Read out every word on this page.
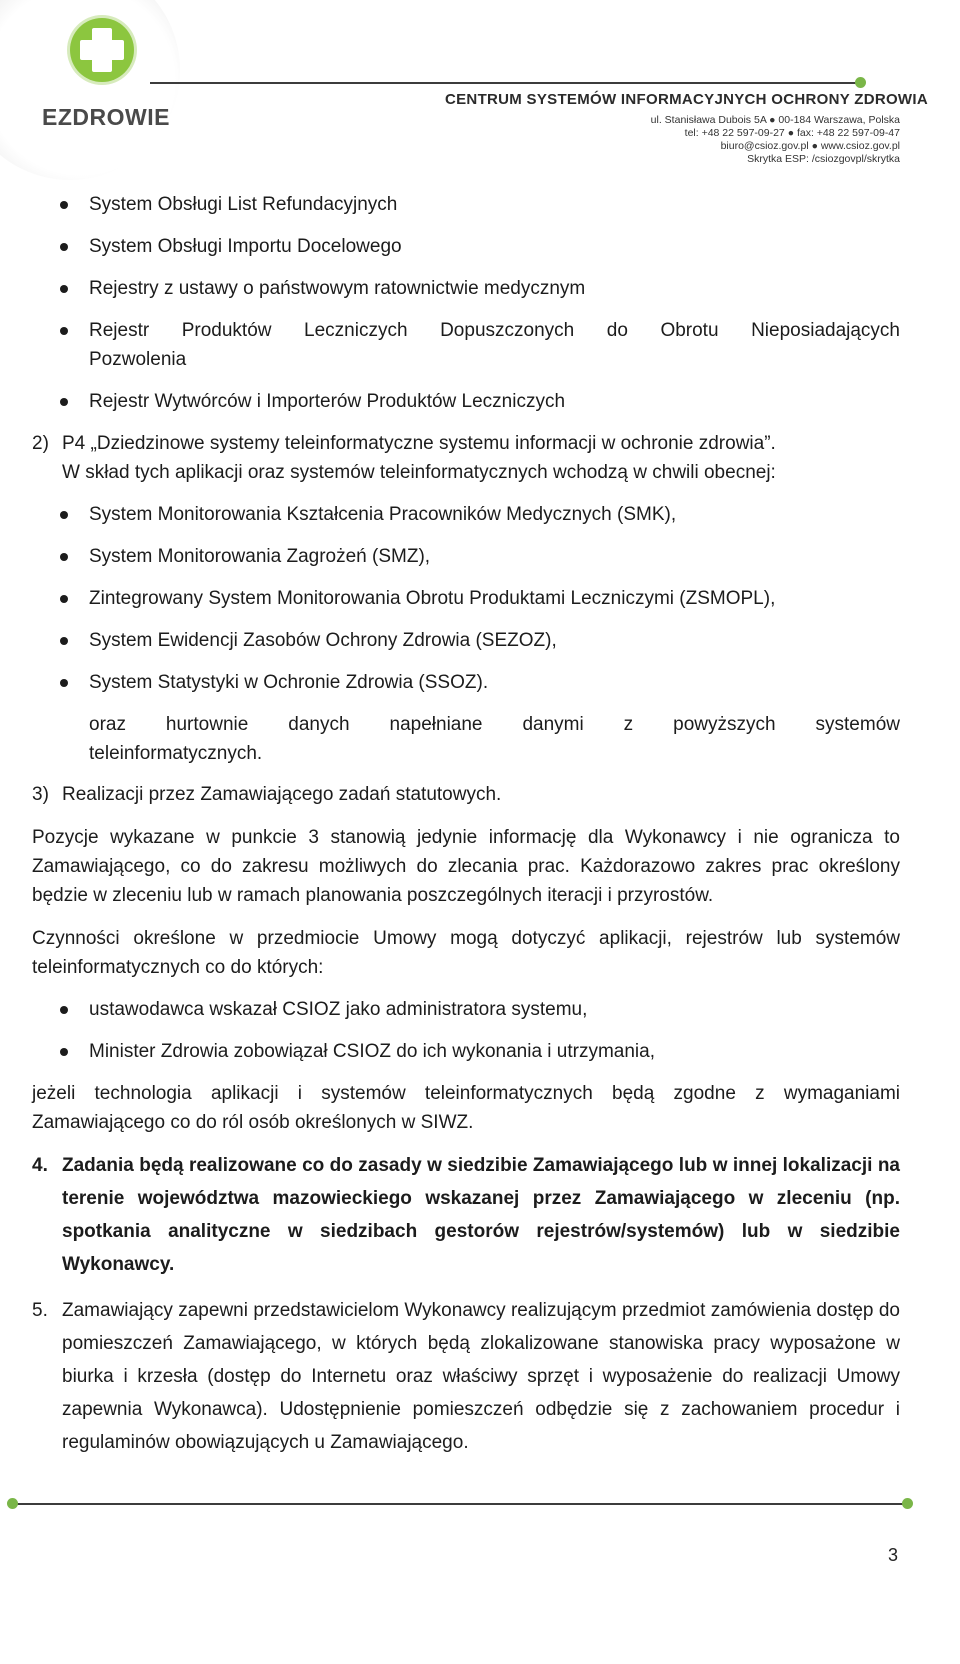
EZDROWIE
CENTRUM SYSTEMÓW INFORMACYJNYCH OCHRONY ZDROWIA
ul. Stanisława Dubois 5A ● 00-184 Warszawa, Polska
tel: +48 22 597-09-27 ● fax: +48 22 597-09-47
biuro@csioz.gov.pl ● www.csioz.gov.pl
Skrytka ESP: /csiozgovpl/skrytka
System Obsługi List Refundacyjnych
System Obsługi Importu Docelowego
Rejestry z ustawy o państwowym ratownictwie medycznym
Rejestr Produktów Leczniczych Dopuszczonych do Obrotu Nieposiadających
Pozwolenia
Rejestr Wytwórców i Importerów Produktów Leczniczych
2) P4 „Dziedzinowe systemy teleinformatyczne systemu informacji w ochronie zdrowia”.
W skład tych aplikacji oraz systemów teleinformatycznych wchodzą w chwili obecnej:
System Monitorowania Kształcenia Pracowników Medycznych (SMK),
System Monitorowania Zagrożeń (SMZ),
Zintegrowany System Monitorowania Obrotu Produktami Leczniczymi (ZSMOPL),
System Ewidencji Zasobów Ochrony Zdrowia (SEZOZ),
System Statystyki w Ochronie Zdrowia (SSOZ).
oraz hurtownie danych napełniane danymi z powyższych systemów
teleinformatycznych.
3) Realizacji przez Zamawiającego zadań statutowych.

Pozycje wykazane w punkcie 3 stanowią jedynie informację dla Wykonawcy i nie ogranicza to Zamawiającego, co do zakresu możliwych do zlecania prac. Każdorazowo zakres prac określony będzie w zleceniu lub w ramach planowania poszczególnych iteracji i przyrostów.

Czynności określone w przedmiocie Umowy mogą dotyczyć aplikacji, rejestrów lub systemów teleinformatycznych co do których:

ustawodawca wskazał CSIOZ jako administratora systemu,
Minister Zdrowia zobowiązał CSIOZ do ich wykonania i utrzymania,

jeżeli technologia aplikacji i systemów teleinformatycznych będą zgodne z wymaganiami Zamawiającego co do ról osób określonych w SIWZ.

4. Zadania będą realizowane co do zasady w siedzibie Zamawiającego lub w innej lokalizacji na terenie województwa mazowieckiego wskazanej przez Zamawiającego w zleceniu (np. spotkania analityczne w siedzibach gestorów rejestrów/systemów) lub w siedzibie Wykonawcy.
5. Zamawiający zapewni przedstawicielom Wykonawcy realizującym przedmiot zamówienia dostęp do pomieszczeń Zamawiającego, w których będą zlokalizowane stanowiska pracy wyposażone w biurka i krzesła (dostęp do Internetu oraz właściwy sprzęt i wyposażenie do realizacji Umowy zapewnia Wykonawca). Udostępnienie pomieszczeń odbędzie się z zachowaniem procedur i regulaminów obowiązujących u Zamawiającego.
3
